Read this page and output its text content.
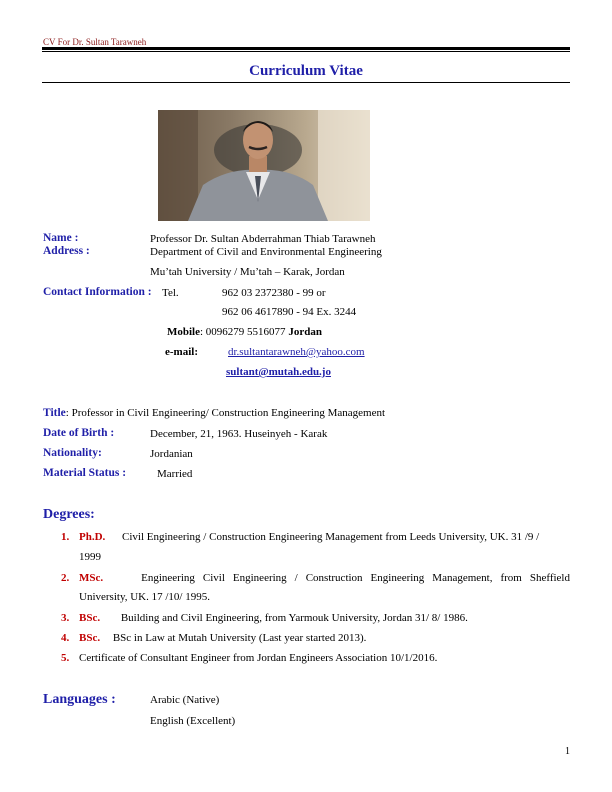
CV For Dr. Sultan Tarawneh
Curriculum Vitae
Name :	Professor Dr. Sultan Abderrahman Thiab Tarawneh
Address :	Department of Civil and Environmental Engineering
Mu’tah University / Mu’tah – Karak, Jordan
Contact Information : Tel.	962 03 2372380 - 99 or
962 06 4617890 - 94 Ex. 3244
Mobile: 0096279 5516077 Jordan
e-mail:	dr.sultantarawneh@yahoo.com
sultant@mutah.edu.jo
Title: Professor in Civil Engineering/ Construction Engineering Management
Date of Birth :	December, 21, 1963. Huseinyeh - Karak
Nationality:	Jordanian
Material Status :	Married
Degrees:
1. Ph.D. Civil Engineering / Construction Engineering Management from Leeds University, UK. 31 /9 /
1999
2. MSc.	Engineering Civil Engineering / Construction Engineering Management, from Sheffield
University, UK. 17 /10/ 1995.
3. BSc. Building and Civil Engineering, from Yarmouk University, Jordan 31/ 8/ 1986.
4. BSc. BSc in Law at Mutah University (Last year started 2013).
5. Certificate of Consultant Engineer from Jordan Engineers Association 10/1/2016.
Languages :	Arabic (Native)
English (Excellent)
1
